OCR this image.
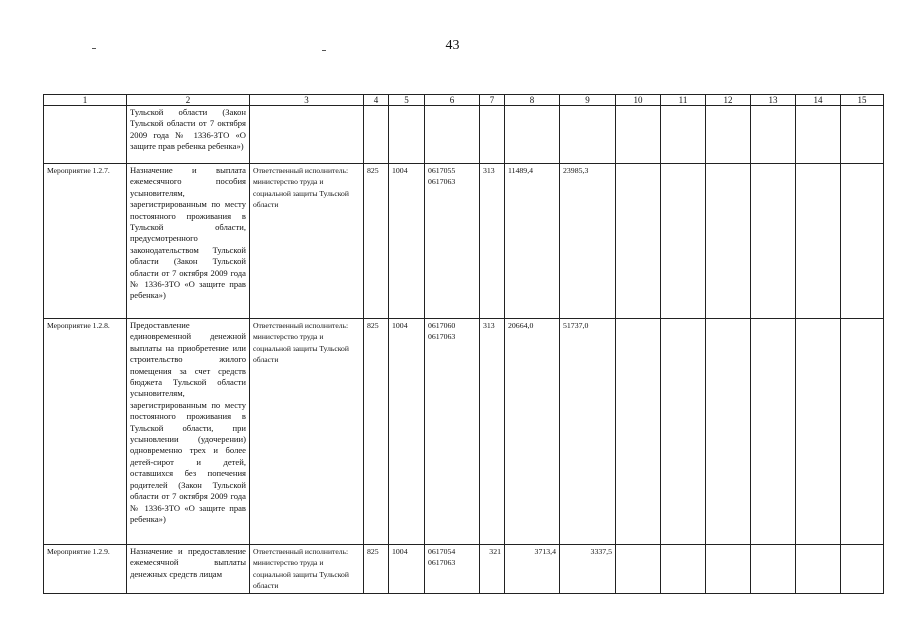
43
1	2	3	4	5	6	7	8	9	10	11	12	13	14	15
	Тульской области (Закон Тульской области от 7 октября 2009 года № 1336-ЗТО «О защите прав ребенка ребенка»)													
Мероприятие 1.2.7.	Назначение и выплата ежемесячного пособия усыновителям, зарегистрированным по месту постоянного проживания в Тульской области, предусмотренного законодательством Тульской области (Закон Тульской области от 7 октября 2009 года № 1336-ЗТО «О защите прав ребенка»)	Ответственный исполнитель: министерство труда и социальной защиты Тульской области	825	1004	0617055 0617063	313	11489,4	23985,3						
Мероприятие 1.2.8.	Предоставление единовременной денежной выплаты на приобретение или строительство жилого помещения за счет средств бюджета Тульской области усыновителям, зарегистрированным по месту постоянного проживания в Тульской области, при усыновлении (удочерении) одновременно трех и более детей-сирот и детей, оставшихся без попечения родителей (Закон Тульской области от 7 октября 2009 года № 1336-ЗТО «О защите прав ребенка»)	Ответственный исполнитель: министерство труда и социальной защиты Тульской области	825	1004	0617060 0617063	313	20664,0	51737,0						
Мероприятие 1.2.9.	Назначение и предоставление ежемесячной выплаты денежных средств лицам	Ответственный исполнитель: министерство труда и социальной защиты Тульской области	825	1004	0617054 0617063	321	3713,4	3337,5						
